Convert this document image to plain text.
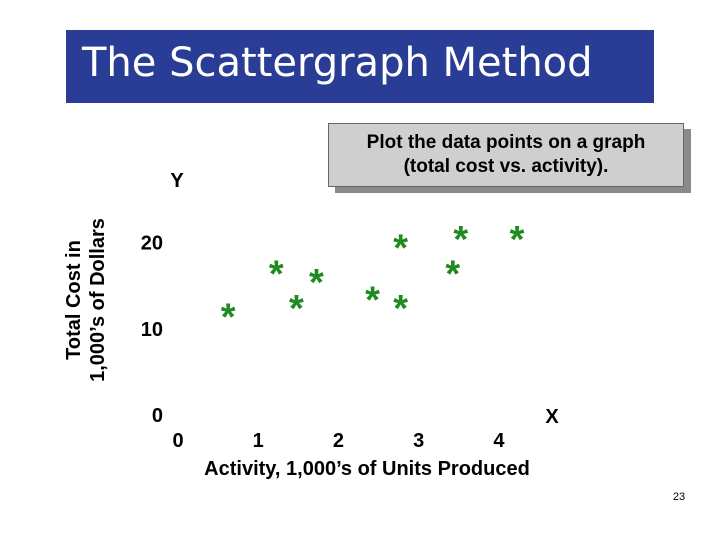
The Scattergraph Method
Plot the data points on a graph (total cost vs. activity).
Total Cost in 1,000’s of Dollars
Y
X
Activity, 1,000’s of Units Produced
0	1	2	3	4
0
10
20
*
*
*
* * *
*
*
* *
23
